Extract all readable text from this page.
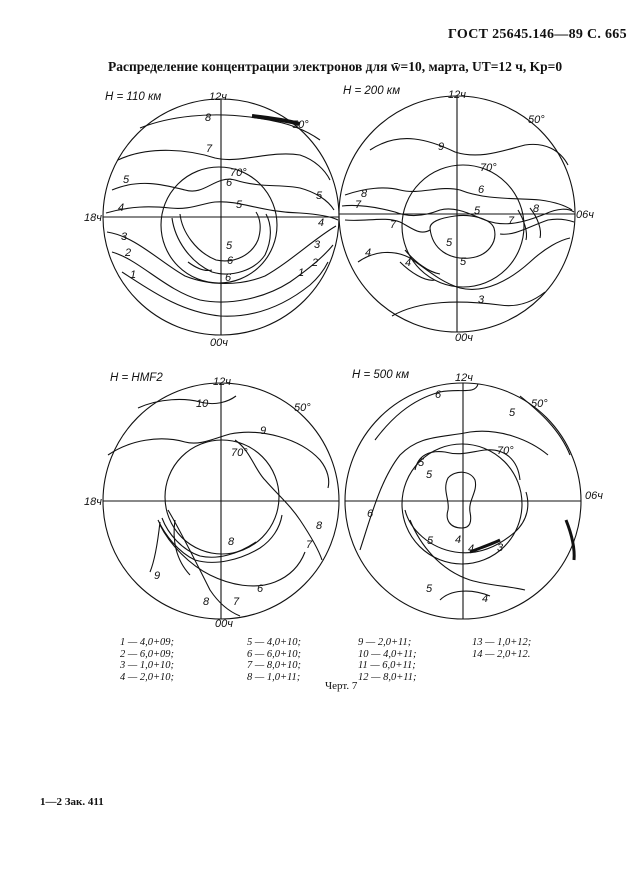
ГОСТ 25645.146—89 С. 665
Распределение концентрации электронов для w̄=10, марта, UT=12 ч, Kp=0
H = 110 км	12ч
00ч
18ч
50°
70°
8
7
6
5
5
5
4
4
3
3
2
2
1	1
6
5
6
H = 200 км	12ч
00ч
06ч
50°
70°
9
8
7	8
6
5
5
7
7
4
4
3
5
H = HMF2	12ч
00ч
18ч
50°
70°
10
9
8
8
7
6
7
8
9
H = 500 км	12ч
06ч
50°
70°
6
5
5
5
6
4
4
5
4
3
5
1 — 4,0+09;
2 — 6,0+09;
3 — 1,0+10;
4 — 2,0+10;
5 — 4,0+10;
6 — 6,0+10;
7 — 8,0+10;
8 — 1,0+11;
9 — 2,0+11;
10 — 4,0+11;
11 — 6,0+11;
12 — 8,0+11;
13 — 1,0+12;
14 — 2,0+12.
Черт. 7
1—2 Зак. 411
